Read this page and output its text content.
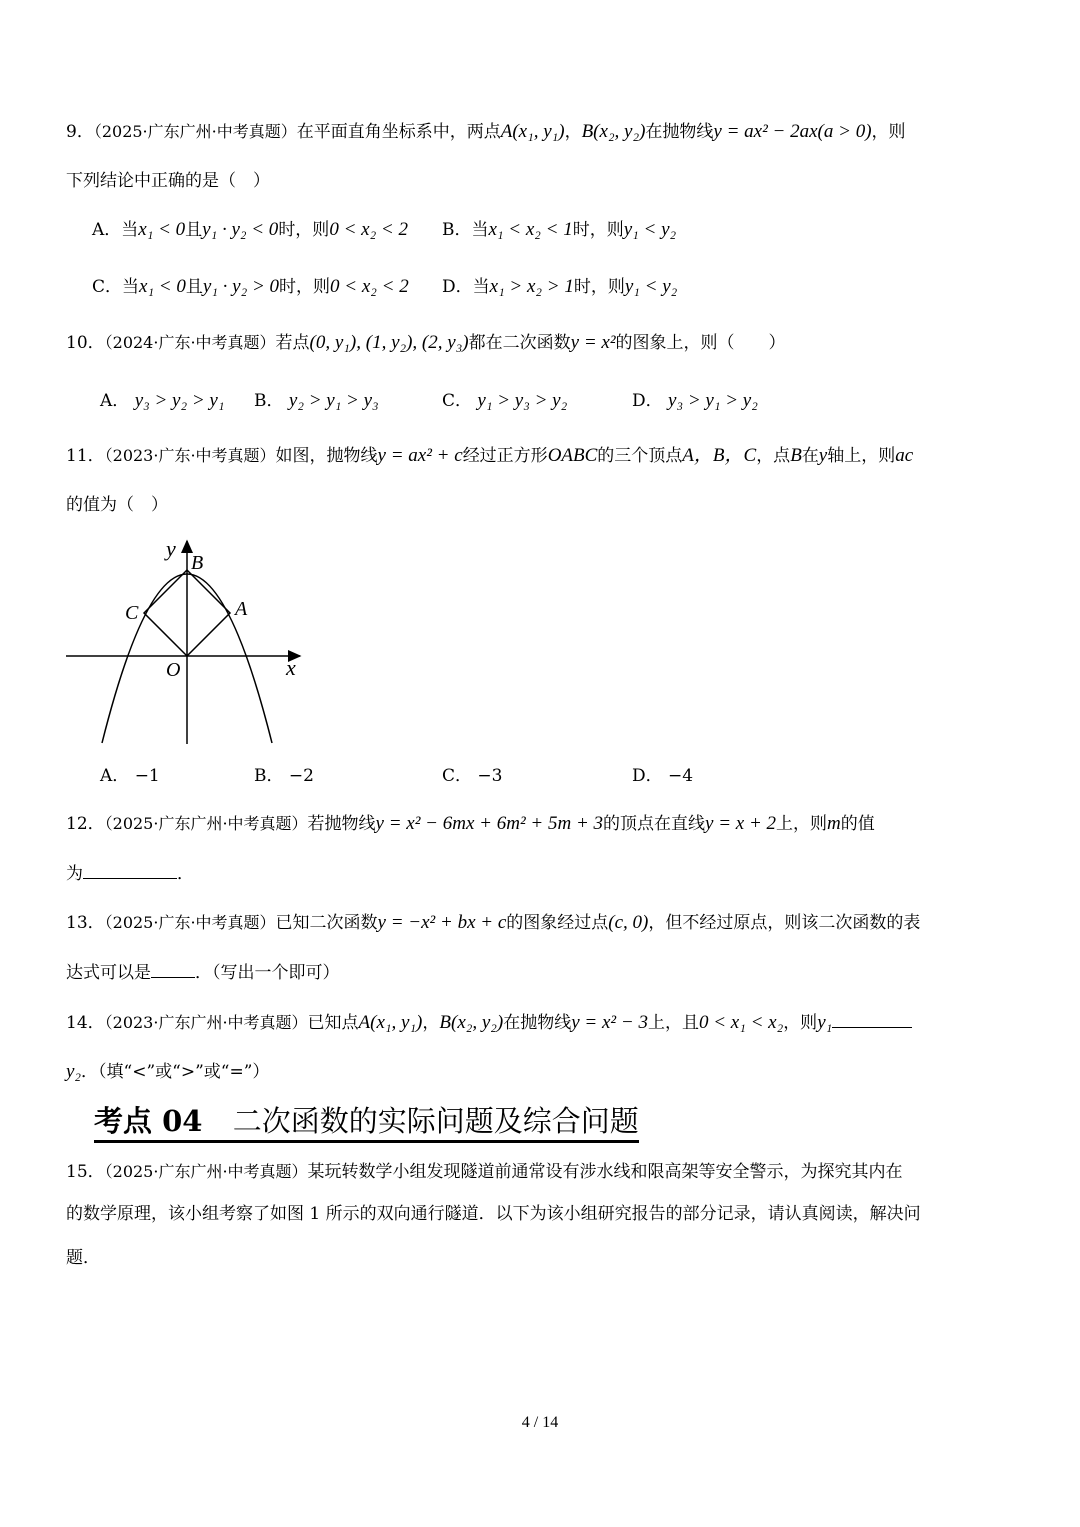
9．（2025·广东广州·中考真题）在平面直角坐标系中，两点A(x₁, y₁)，B(x₂, y₂)在抛物线y = ax² − 2ax(a > 0)，则
下列结论中正确的是（　）
A．当x₁ < 0且y₁ · y₂ < 0时，则0 < x₂ < 2 B．当x₁ < x₂ < 1时，则y₁ < y₂
C．当x₁ < 0且y₁ · y₂ > 0时，则0 < x₂ < 2 D．当x₁ > x₂ > 1时，则y₁ < y₂
10．（2024·广东·中考真题）若点(0, y₁), (1, y₂), (2, y₃)都在二次函数y = x²的图象上，则（　　）
A． y₃ > y₂ > y₁ B． y₂ > y₁ > y₃	C． y₁ > y₃ > y₂	D． y₃ > y₁ > y₂
11．（2023·广东·中考真题）如图，抛物线y = ax² + c经过正方形OABC的三个顶点A，B，C，点B在y轴上，则ac
的值为（　）
y
B
A
C
O	x
A． −1	B． −2	C． −3	D． −4
12．（2025·广东广州·中考真题）若抛物线y = x² − 6mx + 6m² + 5m + 3的顶点在直线y = x + 2上，则m的值
为	．
13．（2025·广东·中考真题）已知二次函数y = −x² + bx + c的图象经过点(c, 0)，但不经过原点，则该二次函数的表
达式可以是	．（写出一个即可）
14．（2023·广东广州·中考真题）已知点A(x₁, y₁)，B(x₂, y₂)在抛物线y = x² − 3上，且0 < x₁ < x₂，则y₁
y₂．（填“<”或“>”或“=”）
考点 04 二次函数的实际问题及综合问题
15．（2025·广东广州·中考真题）某玩转数学小组发现隧道前通常设有涉水线和限高架等安全警示，为探究其内在
的数学原理，该小组考察了如图 1 所示的双向通行隧道．以下为该小组研究报告的部分记录，请认真阅读，解决问
题．
4 / 14
